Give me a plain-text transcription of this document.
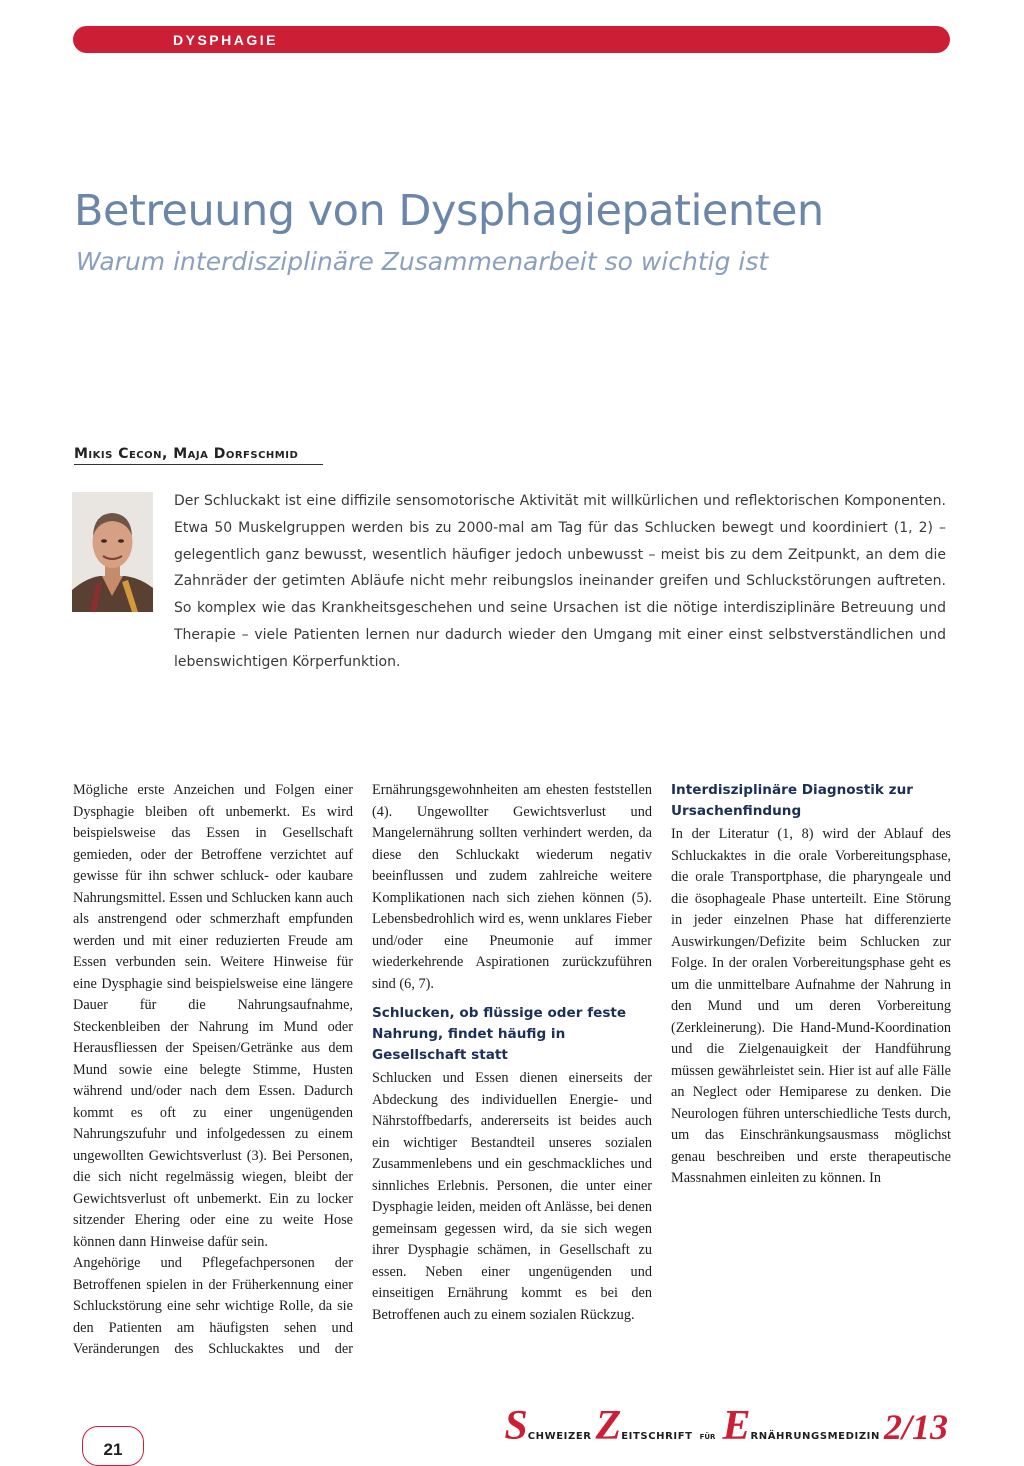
DYSPHAGIE
Betreuung von Dysphagiepatienten
Warum interdisziplinäre Zusammenarbeit so wichtig ist
Mikis Cecon, Maja Dorfschmid

Der Schluckakt ist eine diffizile sensomotorische Aktivität mit willkürlichen und reflektorischen Komponenten. Etwa 50 Muskelgruppen werden bis zu 2000-mal am Tag für das Schlucken bewegt und koordiniert (1, 2) – gelegentlich ganz bewusst, wesentlich häufiger jedoch unbewusst – meist bis zu dem Zeitpunkt, an dem die Zahnräder der getimten Abläufe nicht mehr reibungslos ineinander greifen und Schluckstörungen auftreten. So komplex wie das Krankheitsgeschehen und seine Ursachen ist die nötige interdisziplinäre Betreuung und Therapie – viele Patienten lernen nur dadurch wieder den Umgang mit einer einst selbstverständlichen und lebenswichtigen Körperfunktion.

Mögliche erste Anzeichen und Folgen einer Dysphagie bleiben oft unbemerkt. Es wird beispielsweise das Essen in Gesellschaft gemieden, oder der Betroffene verzichtet auf gewisse für ihn schwer schluck- oder kaubare Nahrungsmittel. Essen und Schlucken kann auch als anstrengend oder schmerzhaft empfunden werden und mit einer reduzierten Freude am Essen verbunden sein. Weitere Hinweise für eine Dysphagie sind beispielsweise eine längere Dauer für die Nahrungsaufnahme, Steckenbleiben der Nahrung im Mund oder Herausfliessen der Speisen/Getränke aus dem Mund sowie eine belegte Stimme, Husten während und/oder nach dem Essen. Dadurch kommt es oft zu einer ungenügenden Nahrungszufuhr und infolgedessen zu einem ungewollten Gewichtsverlust (3). Bei Personen, die sich nicht regelmässig wiegen, bleibt der Gewichtsverlust oft unbemerkt. Ein zu locker sitzender Ehering oder eine zu weite Hose können dann Hinweise dafür sein.

Angehörige und Pflegefachpersonen der Betroffenen spielen in der Früherkennung einer Schluckstörung eine sehr wichtige Rolle, da sie den Patienten am häufigsten sehen und Veränderungen des Schluckaktes und der Ernährungsgewohnheiten am ehesten feststellen (4). Ungewollter Gewichtsverlust und Mangelernährung sollten verhindert werden, da diese den Schluckakt wiederum negativ beeinflussen und zudem zahlreiche weitere Komplikationen nach sich ziehen können (5). Lebensbedrohlich wird es, wenn unklares Fieber und/oder eine Pneumonie auf immer wiederkehrende Aspirationen zurückzuführen sind (6, 7).

Schlucken, ob flüssige oder feste Nahrung, findet häufig in Gesellschaft statt

Schlucken und Essen dienen einerseits der Abdeckung des individuellen Energie- und Nährstoffbedarfs, andererseits ist beides auch ein wichtiger Bestandteil unseres sozialen Zusammenlebens und ein geschmackliches und sinnliches Erlebnis. Personen, die unter einer Dysphagie leiden, meiden oft Anlässe, bei denen gemeinsam gegessen wird, da sie sich wegen ihrer Dysphagie schämen, in Gesellschaft zu essen. Neben einer ungenügenden und einseitigen Ernährung kommt es bei den Betroffenen auch zu einem sozialen Rückzug.

Interdisziplinäre Diagnostik zur Ursachenfindung

In der Literatur (1, 8) wird der Ablauf des Schluckaktes in die orale Vorbereitungsphase, die orale Transportphase, die pharyngeale und die ösophageale Phase unterteilt. Eine Störung in jeder einzelnen Phase hat differenzierte Auswirkungen/Defizite beim Schlucken zur Folge. In der oralen Vorbereitungsphase geht es um die unmittelbare Aufnahme der Nahrung in den Mund und um deren Vorbereitung (Zerkleinerung). Die Hand-Mund-Koordination und die Zielgenauigkeit der Handführung müssen gewährleistet sein. Hier ist auf alle Fälle an Neglect oder Hemiparese zu denken. Die Neurologen führen unterschiedliche Tests durch, um das Einschränkungsausmass möglichst genau beschreiben und erste therapeutische Massnahmen einleiten zu können. In

21
SCHWEIZER ZEITSCHRIFT FÜR ERNÄHRUNGSMEDIZIN 2/13
